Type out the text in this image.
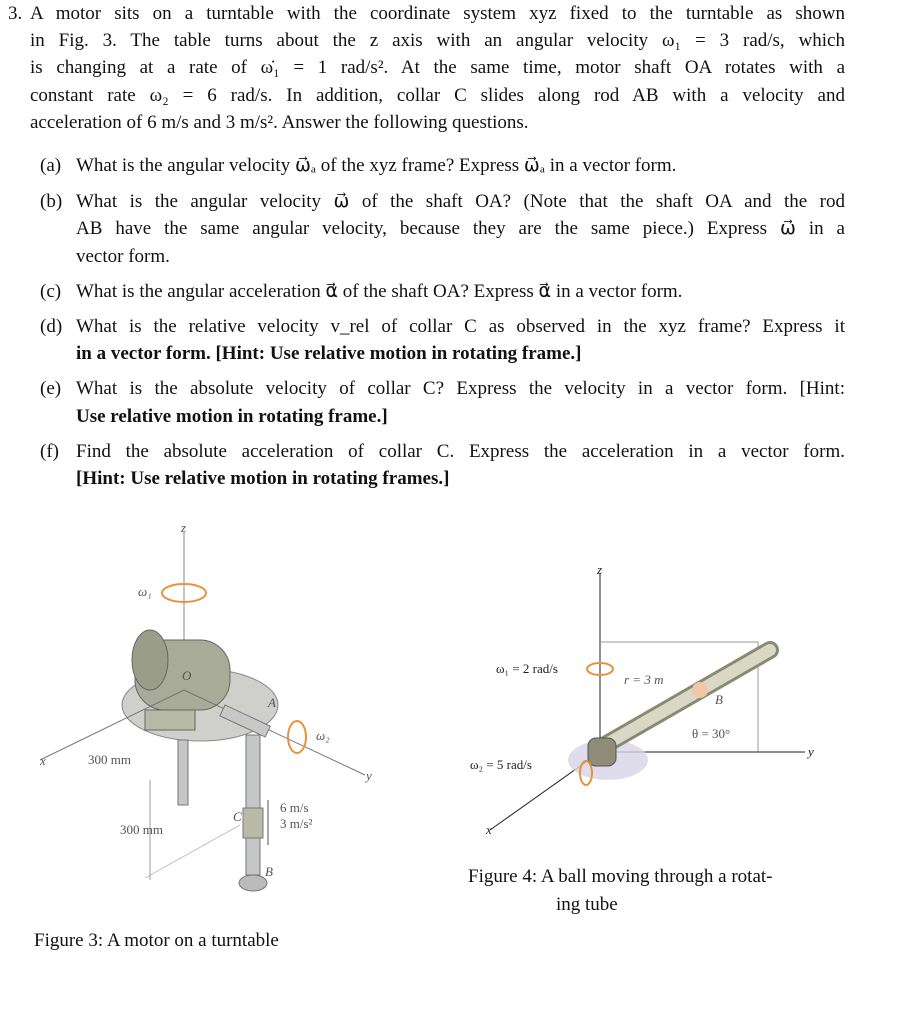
3. A motor sits on a turntable with the coordinate system xyz fixed to the turntable as shown
in Fig. 3. The table turns about the z axis with an angular velocity ω₁ = 3 rad/s, which
is changing at a rate of ω̇₁ = 1 rad/s². At the same time, motor shaft OA rotates with a
constant rate ω₂ = 6 rad/s. In addition, collar C slides along rod AB with a velocity and
acceleration of 6 m/s and 3 m/s². Answer the following questions.
(a) What is the angular velocity ω⃗ₐ of the xyz frame? Express ω⃗ₐ in a vector form.
(b) What is the angular velocity ω⃗ of the shaft OA? (Note that the shaft OA and the rod
AB have the same angular velocity, because they are the same piece.) Express ω⃗ in a
vector form.
(c) What is the angular acceleration α⃗ of the shaft OA? Express α⃗ in a vector form.
(d) What is the relative velocity v_rel of collar C as observed in the xyz frame? Express it
in a vector form. [Hint: Use relative motion in rotating frame.]
(e) What is the absolute velocity of collar C? Express the velocity in a vector form. [Hint:
Use relative motion in rotating frame.]
(f) Find the absolute acceleration of collar C. Express the acceleration in a vector form.
[Hint: Use relative motion in rotating frames.]
z
ω₁
O
A
ω₂
x
y
300 mm
300 mm
C
6 m/s
3 m/s²
B
Figure 3: A motor on a turntable
z
ω₁ = 2 rad/s
r = 3 m
B
θ = 30°
ω₂ = 5 rad/s
x
y
Figure 4: A ball moving through a rotat-
ing tube
